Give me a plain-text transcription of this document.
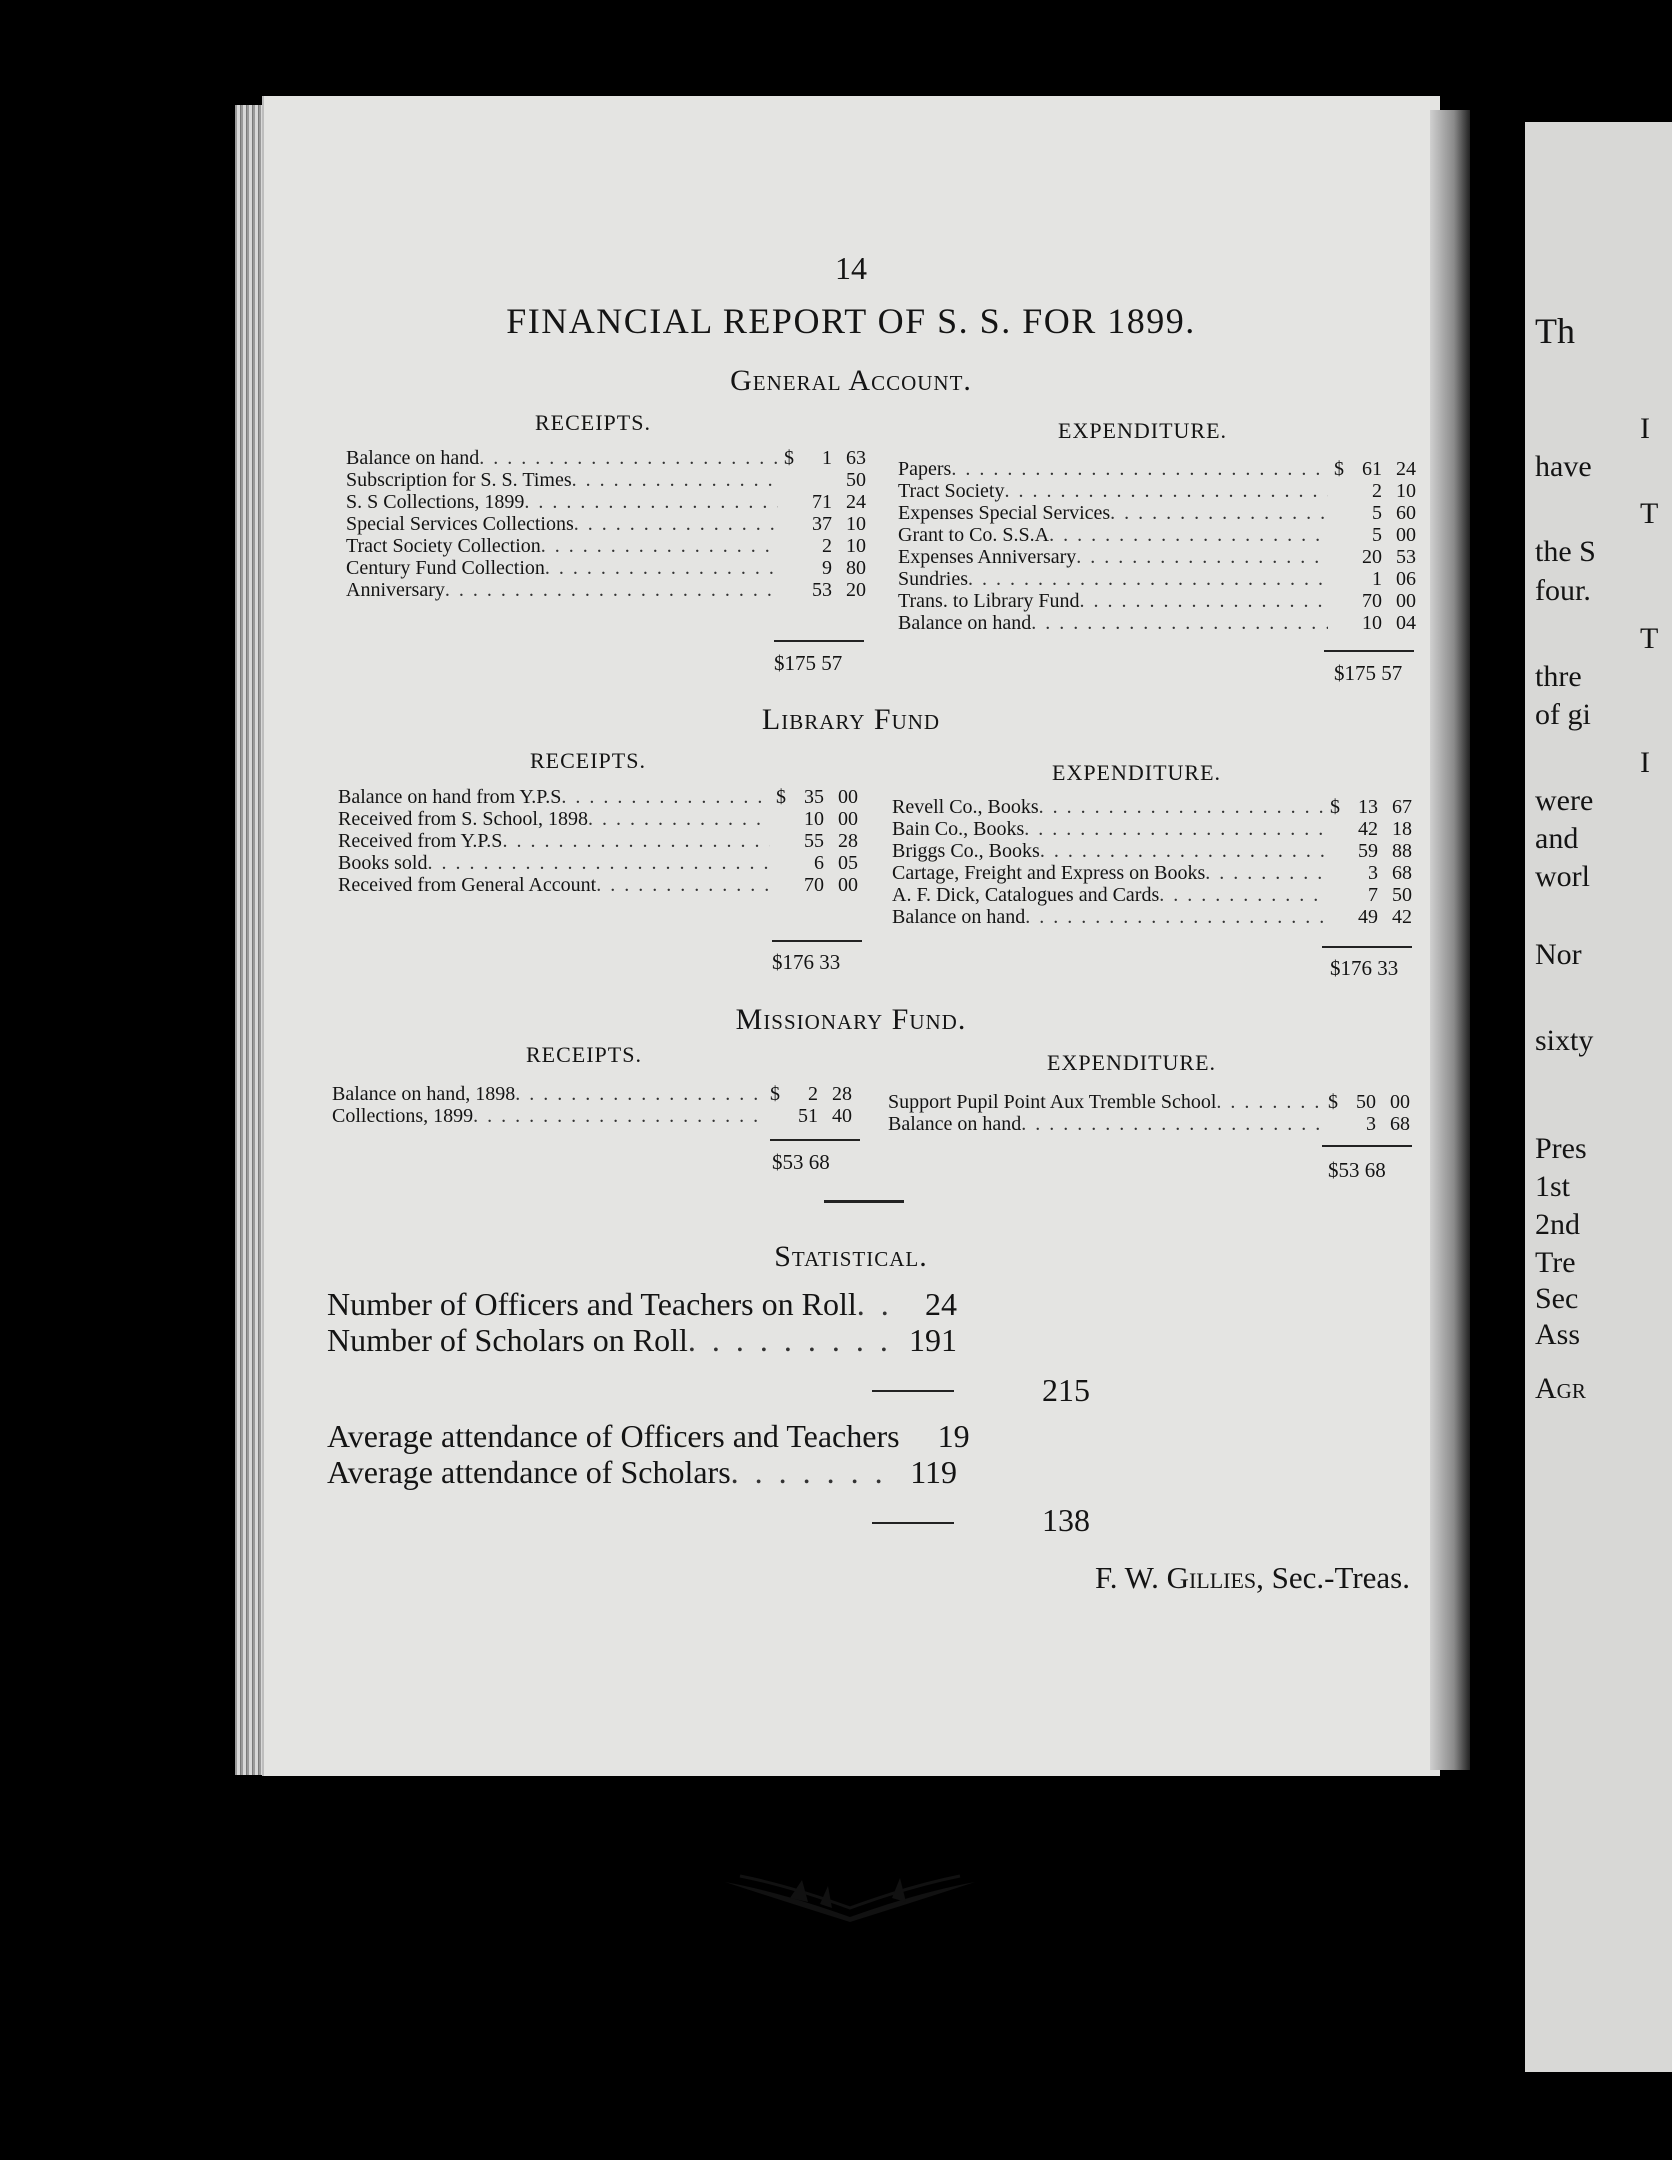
Th
I
have
T
the S
four.
T
thre
of gi
I
were
and
worl
Nor
sixty
Pres
1st
2nd
Tre
Sec
Ass
Agr
14
FINANCIAL REPORT OF S. S. FOR 1899.
General Account.
RECEIPTS.	EXPENDITURE.
Balance on hand . . .	$	1 63
Subscription for S. S. Times . . .	50
S. S Collections, 1899 . . .	71 24
Special Services Collections . . .	37 10
Tract Society Collection . . .	2 10
Century Fund Collection . . .	9 80
Anniversary . . .	53 20
Papers . . .	$ 61 24
Tract Society . . .	2 10
Expenses Special Services . . .	5 60
Grant to Co. S.S.A . . .	5 00
Expenses Anniversary . . .	20 53
Sundries . . .	1 06
Trans. to Library Fund . . .	70 00
Balance on hand . . .	10 04
$175 57	$175 57
Library Fund
RECEIPTS.	EXPENDITURE.
Balance on hand from Y.P.S . . .	$ 35 00
Received from S. School, 1898 . . .	10 00
Received from Y.P.S . . .	55 28
Books sold . . .	6 05
Received from General Account . . .	70 00
Revell Co., Books . . .	$ 13 67
Bain Co., Books . . .	42 18
Briggs Co., Books . . .	59 88
Cartage, Freight and Express on Books . . .	3 68
A. F. Dick, Catalogues and Cards . . .	7 50
Balance on hand . . .	49 42
$176 33	$176 33
Missionary Fund.
RECEIPTS.	EXPENDITURE.
Balance on hand, 1898 . . .	$	2 28
Collections, 1899 . . .	51 40
Support Pupil Point Aux Tremble School . . .	$ 50 00
Balance on hand . . .	3 68
$53 68	$53 68
Statistical.
Number of Officers and Teachers on Roll . . .	24
Number of Scholars on Roll . . .	191
215
Average attendance of Officers and Teachers	19
Average attendance of Scholars . . .	119
138
F. W. Gillies, Sec.-Treas.
